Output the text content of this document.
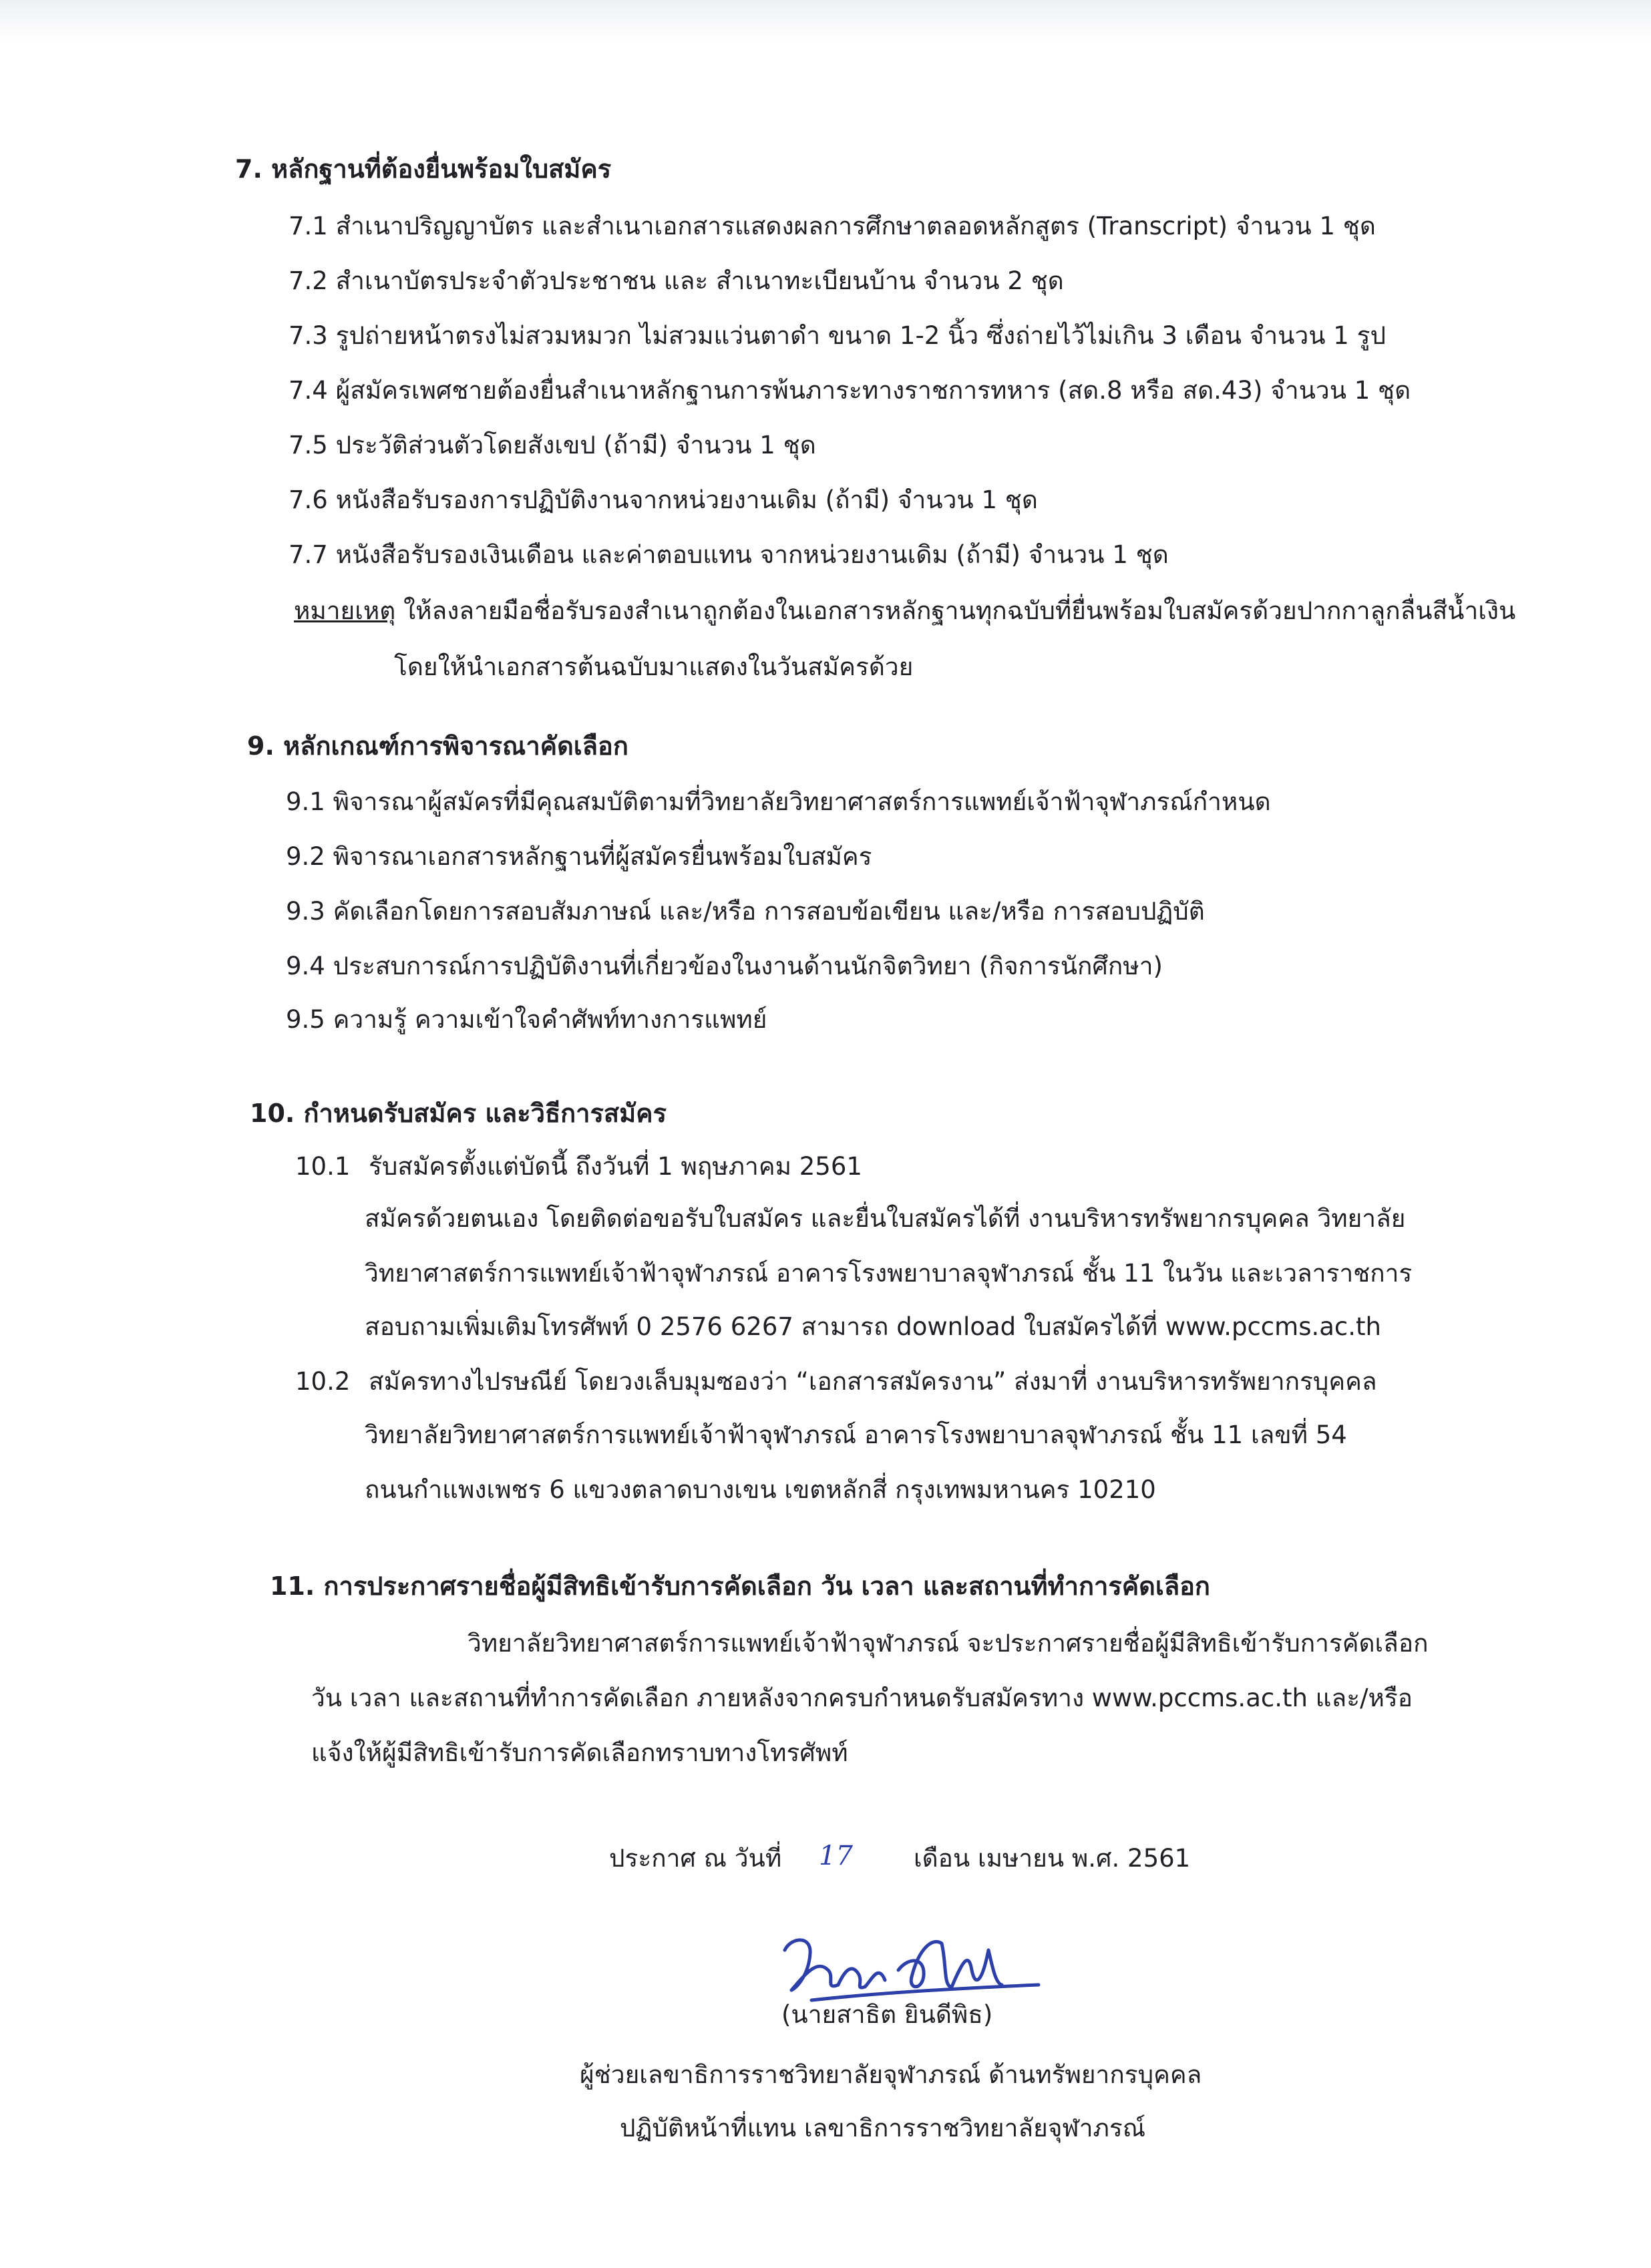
7. หลักฐานที่ต้องยื่นพร้อมใบสมัคร
7.1 สำเนาปริญญาบัตร และสำเนาเอกสารแสดงผลการศึกษาตลอดหลักสูตร (Transcript) จำนวน 1 ชุด
7.2 สำเนาบัตรประจำตัวประชาชน และ สำเนาทะเบียนบ้าน จำนวน 2 ชุด
7.3 รูปถ่ายหน้าตรงไม่สวมหมวก ไม่สวมแว่นตาดำ ขนาด 1-2 นิ้ว ซึ่งถ่ายไว้ไม่เกิน 3 เดือน จำนวน 1 รูป
7.4 ผู้สมัครเพศชายต้องยื่นสำเนาหลักฐานการพ้นภาระทางราชการทหาร (สด.8 หรือ สด.43) จำนวน 1 ชุด
7.5 ประวัติส่วนตัวโดยสังเขป (ถ้ามี) จำนวน 1 ชุด
7.6 หนังสือรับรองการปฏิบัติงานจากหน่วยงานเดิม (ถ้ามี) จำนวน 1 ชุด
7.7 หนังสือรับรองเงินเดือน และค่าตอบแทน จากหน่วยงานเดิม (ถ้ามี) จำนวน 1 ชุด
หมายเหตุ ให้ลงลายมือชื่อรับรองสำเนาถูกต้องในเอกสารหลักฐานทุกฉบับที่ยื่นพร้อมใบสมัครด้วยปากกาลูกลื่นสีน้ำเงิน
โดยให้นำเอกสารต้นฉบับมาแสดงในวันสมัครด้วย
9. หลักเกณฑ์การพิจารณาคัดเลือก
9.1 พิจารณาผู้สมัครที่มีคุณสมบัติตามที่วิทยาลัยวิทยาศาสตร์การแพทย์เจ้าฟ้าจุฬาภรณ์กำหนด
9.2 พิจารณาเอกสารหลักฐานที่ผู้สมัครยื่นพร้อมใบสมัคร
9.3 คัดเลือกโดยการสอบสัมภาษณ์ และ/หรือ การสอบข้อเขียน และ/หรือ การสอบปฏิบัติ
9.4 ประสบการณ์การปฏิบัติงานที่เกี่ยวข้องในงานด้านนักจิตวิทยา (กิจการนักศึกษา)
9.5 ความรู้ ความเข้าใจคำศัพท์ทางการแพทย์
10. กำหนดรับสมัคร และวิธีการสมัคร
10.1 รับสมัครตั้งแต่บัดนี้ ถึงวันที่ 1 พฤษภาคม 2561
สมัครด้วยตนเอง โดยติดต่อขอรับใบสมัคร และยื่นใบสมัครได้ที่ งานบริหารทรัพยากรบุคคล วิทยาลัย
วิทยาศาสตร์การแพทย์เจ้าฟ้าจุฬาภรณ์ อาคารโรงพยาบาลจุฬาภรณ์ ชั้น 11 ในวัน และเวลาราชการ
สอบถามเพิ่มเติมโทรศัพท์ 0 2576 6267 สามารถ download ใบสมัครได้ที่ www.pccms.ac.th
10.2 สมัครทางไปรษณีย์ โดยวงเล็บมุมซองว่า “เอกสารสมัครงาน” ส่งมาที่ งานบริหารทรัพยากรบุคคล
วิทยาลัยวิทยาศาสตร์การแพทย์เจ้าฟ้าจุฬาภรณ์ อาคารโรงพยาบาลจุฬาภรณ์ ชั้น 11 เลขที่ 54
ถนนกำแพงเพชร 6 แขวงตลาดบางเขน เขตหลักสี่ กรุงเทพมหานคร 10210
11. การประกาศรายชื่อผู้มีสิทธิเข้ารับการคัดเลือก วัน เวลา และสถานที่ทำการคัดเลือก
วิทยาลัยวิทยาศาสตร์การแพทย์เจ้าฟ้าจุฬาภรณ์ จะประกาศรายชื่อผู้มีสิทธิเข้ารับการคัดเลือก
วัน เวลา และสถานที่ทำการคัดเลือก ภายหลังจากครบกำหนดรับสมัครทาง www.pccms.ac.th และ/หรือ
แจ้งให้ผู้มีสิทธิเข้ารับการคัดเลือกทราบทางโทรศัพท์
ประกาศ ณ วันที่ 17 เดือน เมษายน พ.ศ. 2561
(นายสาธิต ยินดีพิธ)
ผู้ช่วยเลขาธิการราชวิทยาลัยจุฬาภรณ์ ด้านทรัพยากรบุคคล
ปฏิบัติหน้าที่แทน เลขาธิการราชวิทยาลัยจุฬาภรณ์
